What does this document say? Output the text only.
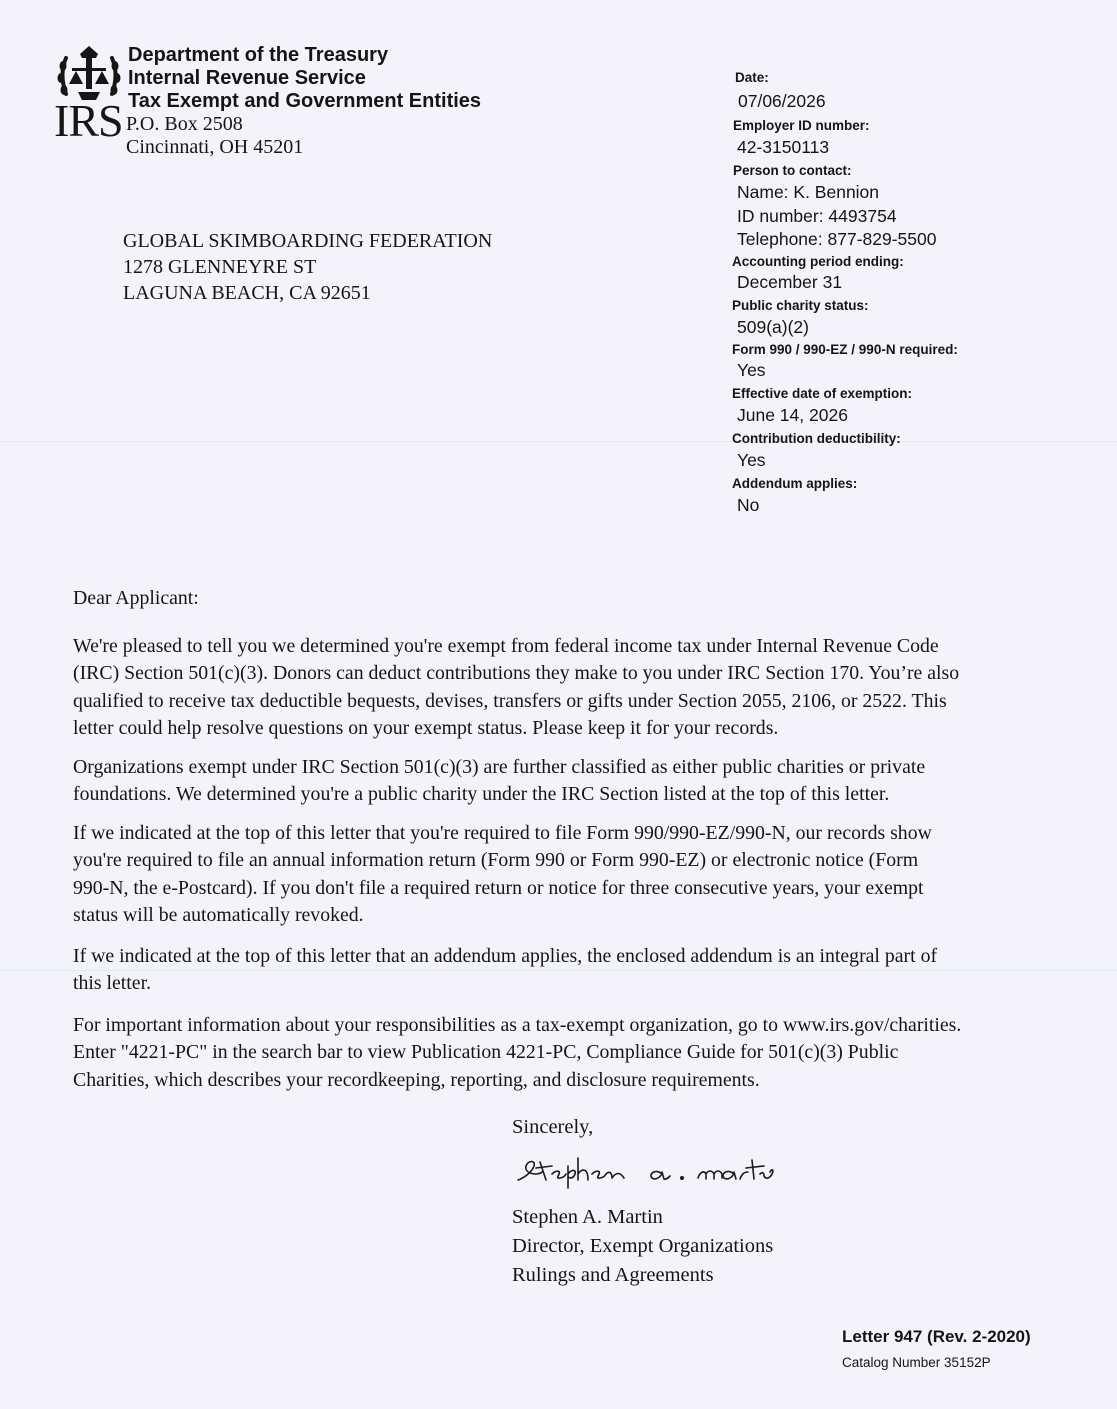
IRS
Department of the Treasury
Internal Revenue Service
Tax Exempt and Government Entities
P.O. Box 2508
Cincinnati, OH 45201
GLOBAL SKIMBOARDING FEDERATION
1278 GLENNEYRE ST
LAGUNA BEACH, CA 92651
Date:
07/06/2026
Employer ID number:
42-3150113
Person to contact:
Name: K. Bennion
ID number: 4493754
Telephone: 877-829-5500
Accounting period ending:
December 31
Public charity status:
509(a)(2)
Form 990 / 990-EZ / 990-N required:
Yes
Effective date of exemption:
June 14, 2026
Contribution deductibility:
Yes
Addendum applies:
No
Dear Applicant:
We're pleased to tell you we determined you're exempt from federal income tax under Internal Revenue Code
(IRC) Section 501(c)(3). Donors can deduct contributions they make to you under IRC Section 170. You’re also
qualified to receive tax deductible bequests, devises, transfers or gifts under Section 2055, 2106, or 2522. This
letter could help resolve questions on your exempt status. Please keep it for your records.
Organizations exempt under IRC Section 501(c)(3) are further classified as either public charities or private
foundations. We determined you're a public charity under the IRC Section listed at the top of this letter.
If we indicated at the top of this letter that you're required to file Form 990/990-EZ/990-N, our records show
you're required to file an annual information return (Form 990 or Form 990-EZ) or electronic notice (Form
990-N, the e-Postcard). If you don't file a required return or notice for three consecutive years, your exempt
status will be automatically revoked.
If we indicated at the top of this letter that an addendum applies, the enclosed addendum is an integral part of
this letter.
For important information about your responsibilities as a tax-exempt organization, go to www.irs.gov/charities.
Enter "4221-PC" in the search bar to view Publication 4221-PC, Compliance Guide for 501(c)(3) Public
Charities, which describes your recordkeeping, reporting, and disclosure requirements.
Sincerely,
Stephen A. Martin
Director, Exempt Organizations
Rulings and Agreements
Letter 947 (Rev. 2-2020)
Catalog Number 35152P
